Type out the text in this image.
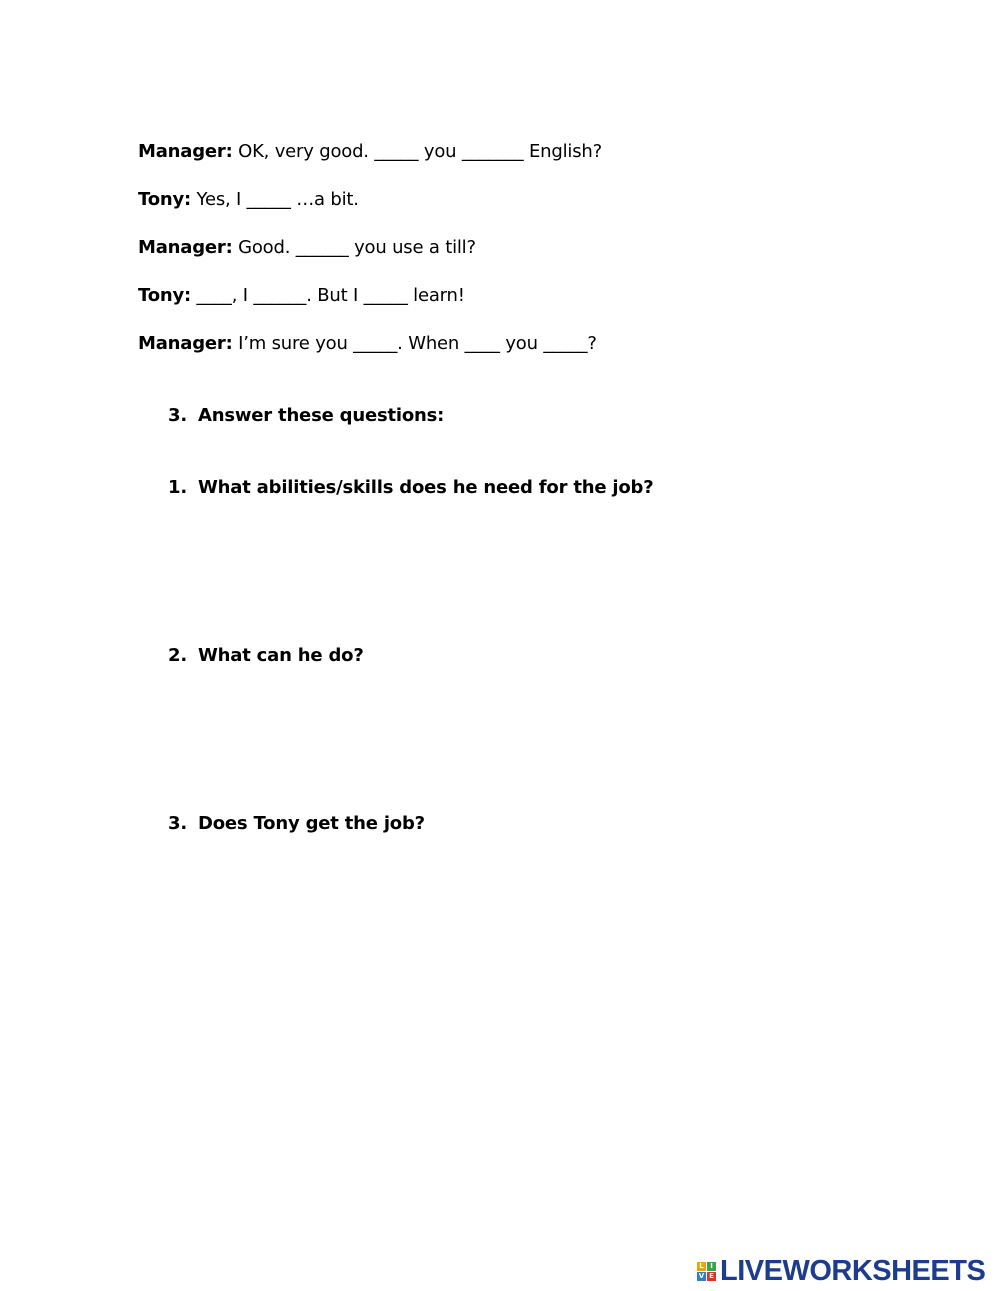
Manager: OK, very good. _____ you _______ English?
Tony: Yes, I _____ …a bit.
Manager: Good. ______ you use a till?
Tony: ____, I ______. But I _____ learn!
Manager: I’m sure you _____. When ____ you _____?
3. Answer these questions:
1. What abilities/skills does he need for the job?
2. What can he do?
3. Does Tony get the job?
L I
V E LIVEWORKSHEETS
